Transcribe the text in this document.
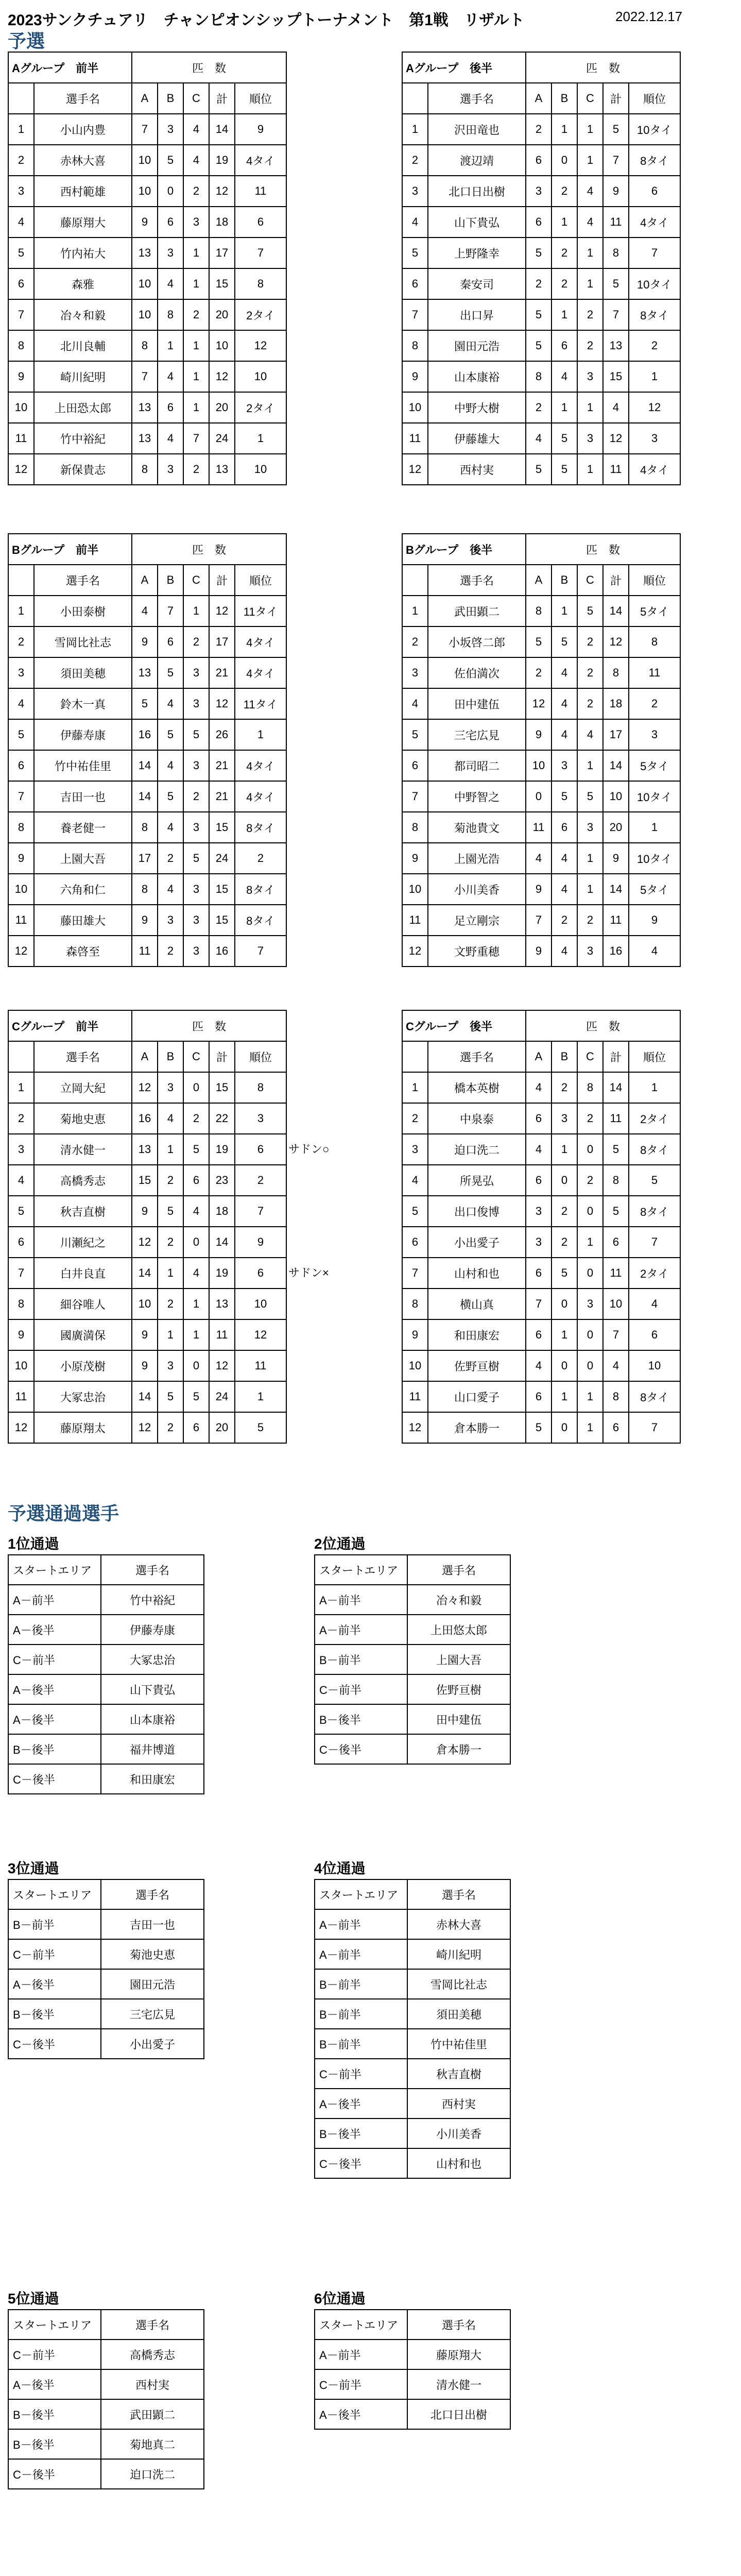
2023サンクチュアリ　チャンピオンシップトーナメント　第1戦　リザルト	2022.12.17
予選
Aグループ　前半		匹　数				
	選手名	A	B	C	計	順位
1	小山内豊	7	3	4	14	9
2	赤林大喜	10	5	4	19	4タイ
3	西村範雄	10	0	2	12	11
4	藤原翔大	9	6	3	18	6
5	竹内祐大	13	3	1	17	7
6	森雅	10	4	1	15	8
7	冶々和毅	10	8	2	20	2タイ
8	北川良輔	8	1	1	10	12
9	崎川紀明	7	4	1	12	10
10	上田恐太郎	13	6	1	20	2タイ
11	竹中裕紀	13	4	7	24	1
12	新保貴志	8	3	2	13	10
Aグループ　後半		匹　数				
	選手名	A	B	C	計	順位
1	沢田竜也	2	1	1	5	10タイ
2	渡辺靖	6	0	1	7	8タイ
3	北口日出樹	3	2	4	9	6
4	山下貴弘	6	1	4	11	4タイ
5	上野隆幸	5	2	1	8	7
6	秦安司	2	2	1	5	10タイ
7	出口昇	5	1	2	7	8タイ
8	園田元浩	5	6	2	13	2
9	山本康裕	8	4	3	15	1
10	中野大樹	2	1	1	4	12
11	伊藤雄大	4	5	3	12	3
12	西村実	5	5	1	11	4タイ
Bグループ　前半		匹　数				
	選手名	A	B	C	計	順位
1	小田泰樹	4	7	1	12	11タイ
2	雪岡比社志	9	6	2	17	4タイ
3	須田美穂	13	5	3	21	4タイ
4	鈴木一真	5	4	3	12	11タイ
5	伊藤寿康	16	5	5	26	1
6	竹中祐佳里	14	4	3	21	4タイ
7	吉田一也	14	5	2	21	4タイ
8	養老健一	8	4	3	15	8タイ
9	上園大吾	17	2	5	24	2
10	六角和仁	8	4	3	15	8タイ
11	藤田雄大	9	3	3	15	8タイ
12	森啓至	11	2	3	16	7
Bグループ　後半		匹　数				
	選手名	A	B	C	計	順位
1	武田顕二	8	1	5	14	5タイ
2	小坂啓二郎	5	5	2	12	8
3	佐伯満次	2	4	2	8	11
4	田中建伍	12	4	2	18	2
5	三宅広見	9	4	4	17	3
6	都司昭二	10	3	1	14	5タイ
7	中野智之	0	5	5	10	10タイ
8	菊池貴文	11	6	3	20	1
9	上園光浩	4	4	1	9	10タイ
10	小川美香	9	4	1	14	5タイ
11	足立剛宗	7	2	2	11	9
12	文野重穂	9	4	3	16	4
Cグループ　前半		匹　数				
	選手名	A	B	C	計	順位
1	立岡大紀	12	3	0	15	8
2	菊地史恵	16	4	2	22	3
3	清水健一	13	1	5	19	6
4	高橋秀志	15	2	6	23	2
5	秋吉直樹	9	5	4	18	7
6	川瀬紀之	12	2	0	14	9
7	白井良直	14	1	4	19	6
8	細谷唯人	10	2	1	13	10
9	國廣満保	9	1	1	11	12
10	小原茂樹	9	3	0	12	11
11	大冢忠治	14	5	5	24	1
12	藤原翔太	12	2	6	20	5
サドン○
サドン×
Cグループ　後半		匹　数				
	選手名	A	B	C	計	順位
1	橋本英樹	4	2	8	14	1
2	中泉泰	6	3	2	11	2タイ
3	迫口洗二	4	1	0	5	8タイ
4	所晃弘	6	0	2	8	5
5	出口俊博	3	2	0	5	8タイ
6	小出愛子	3	2	1	6	7
7	山村和也	6	5	0	11	2タイ
8	横山真	7	0	3	10	4
9	和田康宏	6	1	0	7	6
10	佐野亘樹	4	0	0	4	10
11	山口愛子	6	1	1	8	8タイ
12	倉本勝一	5	0	1	6	7
予選通過選手
1位通過
スタートエリア	選手名
A－前半	竹中裕紀
A－後半	伊藤寿康
C－前半	大冢忠治
A－後半	山下貴弘
A－後半	山本康裕
B－後半	福井博道
C－後半	和田康宏
2位通過
スタートエリア	選手名
A－前半	冶々和毅
A－前半	上田悠太郎
B－前半	上園大吾
C－前半	佐野亘樹
B－後半	田中建伍
C－後半	倉本勝一
3位通過
スタートエリア	選手名
B－前半	吉田一也
C－前半	菊池史恵
A－後半	園田元浩
B－後半	三宅広見
C－後半	小出愛子
4位通過
スタートエリア	選手名
A－前半	赤林大喜
A－前半	崎川紀明
B－前半	雪岡比社志
B－前半	須田美穂
B－前半	竹中祐佳里
C－前半	秋吉直樹
A－後半	西村実
B－後半	小川美香
C－後半	山村和也
5位通過
スタートエリア	選手名
C－前半	高橋秀志
A－後半	西村実
B－後半	武田顕二
B－後半	菊地真二
C－後半	迫口洗二
6位通過
スタートエリア	選手名
A－前半	藤原翔大
C－前半	清水健一
A－後半	北口日出樹
